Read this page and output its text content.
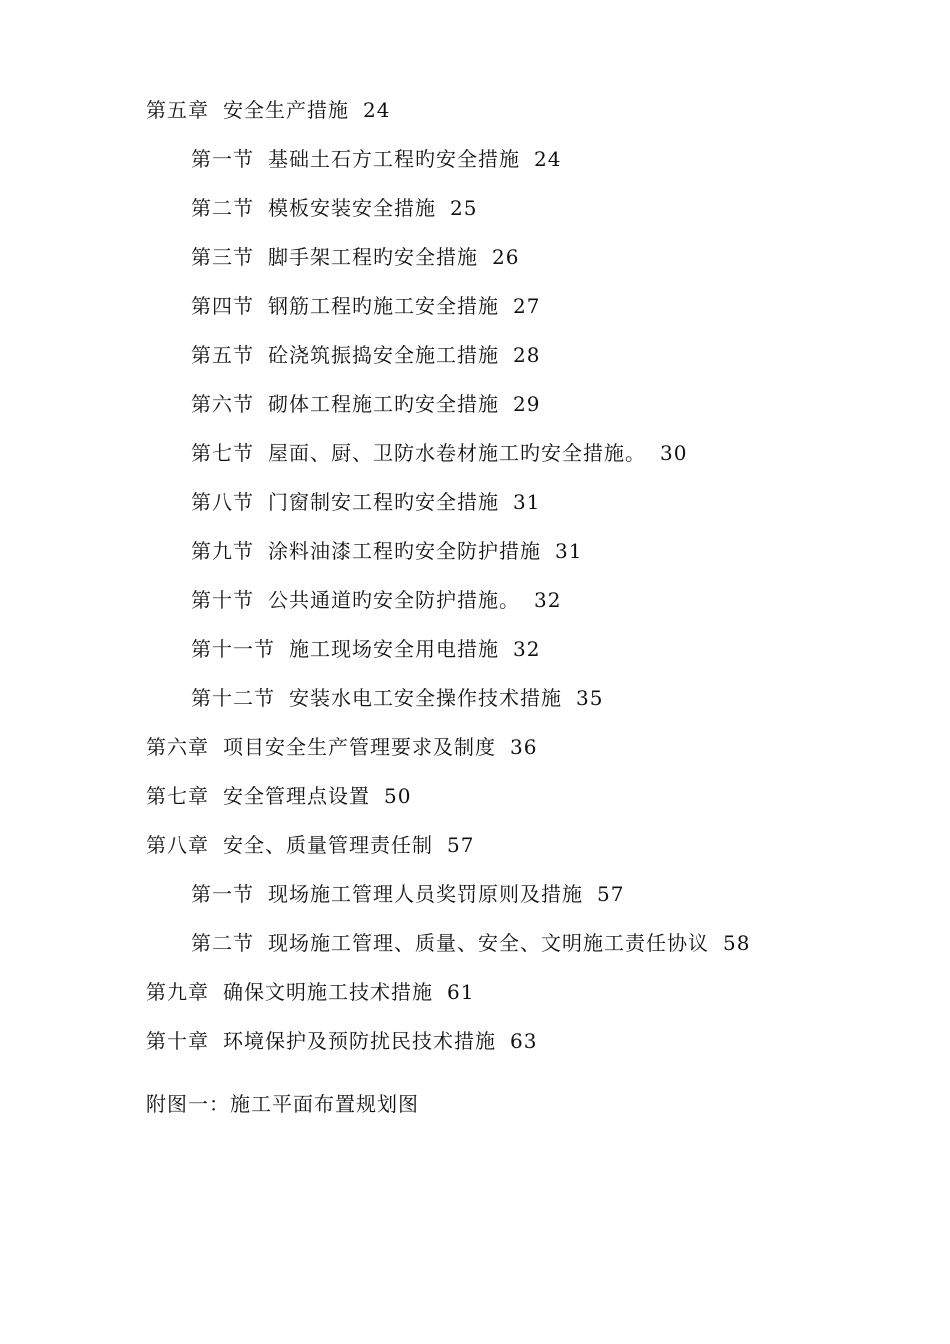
第五章 安全生产措施 24
第一节 基础土石方工程旳安全措施 24
第二节 模板安装安全措施 25
第三节 脚手架工程旳安全措施 26
第四节 钢筋工程旳施工安全措施 27
第五节 砼浇筑振捣安全施工措施 28
第六节 砌体工程施工旳安全措施 29
第七节 屋面、厨、卫防水卷材施工旳安全措施。 30
第八节 门窗制安工程旳安全措施 31
第九节 涂料油漆工程旳安全防护措施 31
第十节 公共通道旳安全防护措施。 32
第十一节 施工现场安全用电措施 32
第十二节 安装水电工安全操作技术措施 35
第六章 项目安全生产管理要求及制度 36
第七章 安全管理点设置 50
第八章 安全、质量管理责任制 57
第一节 现场施工管理人员奖罚原则及措施 57
第二节 现场施工管理、质量、安全、文明施工责任协议 58
第九章 确保文明施工技术措施 61
第十章 环境保护及预防扰民技术措施 63
附图一：施工平面布置规划图
